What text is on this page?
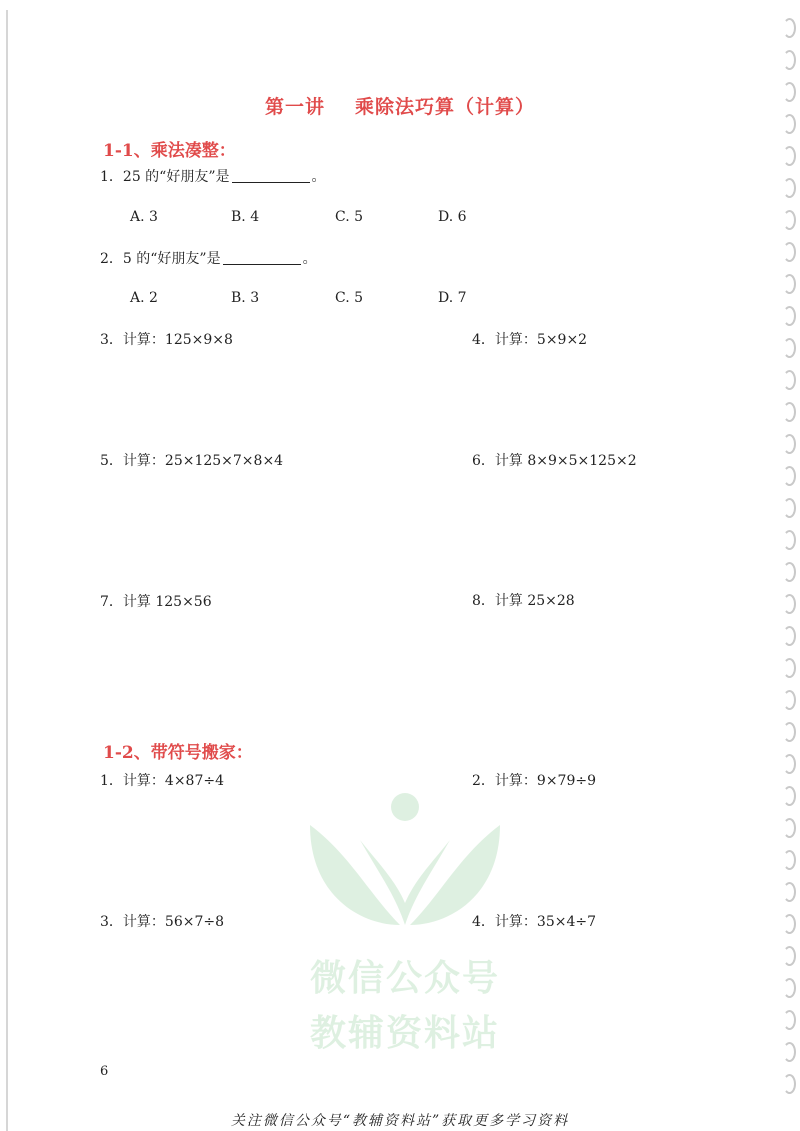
微信公众号
教辅资料站
第一讲 乘除法巧算（计算）
1-1、乘法凑整：
1．25 的“好朋友”是	。
A. 3	B. 4	C. 5	D. 6
2．5 的“好朋友”是	。
A. 2	B. 3	C. 5	D. 7
3．计算：125×9×8	4．计算：5×9×2
5．计算：25×125×7×8×4	6．计算 8×9×5×125×2
7．计算 125×56	8．计算 25×28
1-2、带符号搬家：
1．计算：4×87÷4	2．计算：9×79÷9
3．计算：56×7÷8	4．计算：35×4÷7
6
关注微信公众号“教辅资料站”获取更多学习资料
